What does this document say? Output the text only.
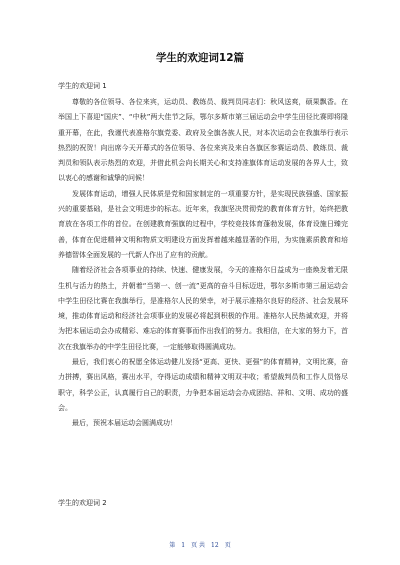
学生的欢迎词12篇
学生的欢迎词 1

尊敬的各位领导、各位来宾，运动员、教练员、裁判员同志们：秋风送爽，硕果飘香。在举国上下喜迎“国庆”、“中秋”两大佳节之际，鄂尔多斯市第三届运动会中学生田径比赛即将隆重开幕，在此，我谨代表准格尔旗党委、政府及全旗各族人民，对本次运动会在我旗举行表示热烈的祝贺！向出席今天开幕式的各位领导、各位来宾及来自各旗区参赛运动员、教练员、裁判员和领队表示热烈的欢迎，并借此机会向长期关心和支持准旗体育运动发展的各界人士，致以衷心的感谢和诚挚的问候！

发展体育运动，增强人民体质是党和国家制定的一项重要方针，是实现民族强盛、国家振兴的重要基础，是社会文明进步的标志。近年来，我旗坚决贯彻党的教育体育方针，始终把教育放在各项工作的首位。在创建教育强旗的过程中，学校竞技体育蓬勃发展，体育设施日臻完善，体育在促进精神文明和物质文明建设方面发挥着越来越显著的作用，为实施素质教育和培养德智体全面发展的一代新人作出了应有的贡献。

随着经济社会各项事业的持续、快速、健康发展，今天的准格尔日益成为一座焕发着无限生机与活力的热土，并朝着“当第一、创一流”更高的奋斗目标迈进，鄂尔多斯市第三届运动会中学生田径比赛在我旗举行，是准格尔人民的荣幸，对于展示准格尔良好的经济、社会发展环境，推动体育运动和经济社会项事业的发展必将起到积极的作用。准格尔人民热诚欢迎，并将为把本届运动会办成精彩、难忘的体育赛事而作出我们的努力。我相信，在大家的努力下，首次在我旗举办的中学生田径比赛，一定能够取得圆满成功。

最后，我们衷心的祝愿全体运动健儿发扬“更高、更快、更强”的体育精神，文明比赛，奋力拼搏，赛出风格，赛出水平，夺得运动成绩和精神文明双丰收；希望裁判员和工作人员恪尽职守，科学公正，认真履行自己的职责，力争把本届运动会办成团结、祥和、文明、成功的盛会。

最后，预祝本届运动会圆满成功！

学生的欢迎词 2
第 1 页 共 12 页
